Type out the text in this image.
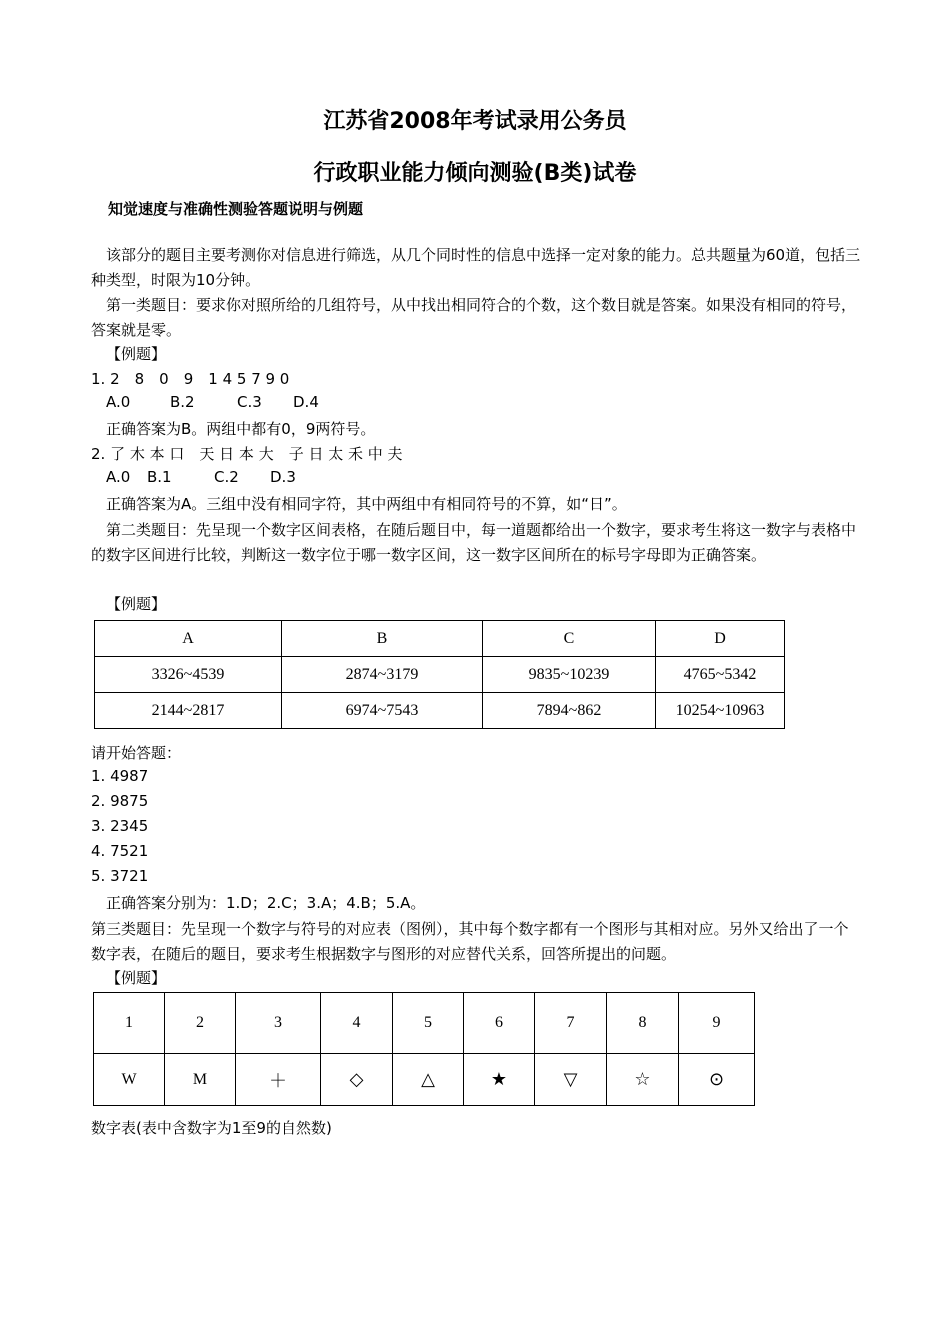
江苏省2008年考试录用公务员
行政职业能力倾向测验(B类)试卷
知觉速度与准确性测验答题说明与例题
该部分的题目主要考测你对信息进行筛选，从几个同时性的信息中选择一定对象的能力。总共题量为60道，包括三种类型，时限为10分钟。
第一类题目：要求你对照所给的几组符号，从中找出相同符合的个数，这个数目就是答案。如果没有相同的符号，答案就是零。
【例题】
1. 2　8　0　9　1 4 5 7 9 0
A.0	B.2	C.3 D.4
正确答案为B。两组中都有0，9两符号。
2. 了 木 本 口　天 日 本 大　子 日 太 禾 中 夫
A.0 B.1	C.2 D.3
正确答案为A。三组中没有相同字符，其中两组中有相同符号的不算，如“日”。
第二类题目：先呈现一个数字区间表格，在随后题目中，每一道题都给出一个数字，要求考生将这一数字与表格中的数字区间进行比较，判断这一数字位于哪一数字区间，这一数字区间所在的标号字母即为正确答案。
【例题】
A	B	C	D
3326~4539	2874~3179	9835~10239	4765~5342
2144~2817	6974~7543	7894~862	10254~10963
请开始答题：
1. 4987
2. 9875
3. 2345
4. 7521
5. 3721
正确答案分别为：1.D；2.C；3.A；4.B；5.A。
第三类题目：先呈现一个数字与符号的对应表（图例），其中每个数字都有一个图形与其相对应。另外又给出了一个数字表，在随后的题目，要求考生根据数字与图形的对应替代关系，回答所提出的问题。
【例题】
1	2	3	4	5	6	7	8	9
W	M	＋	◇	△	★	▽	☆	⊙
数字表(表中含数字为1至9的自然数)
